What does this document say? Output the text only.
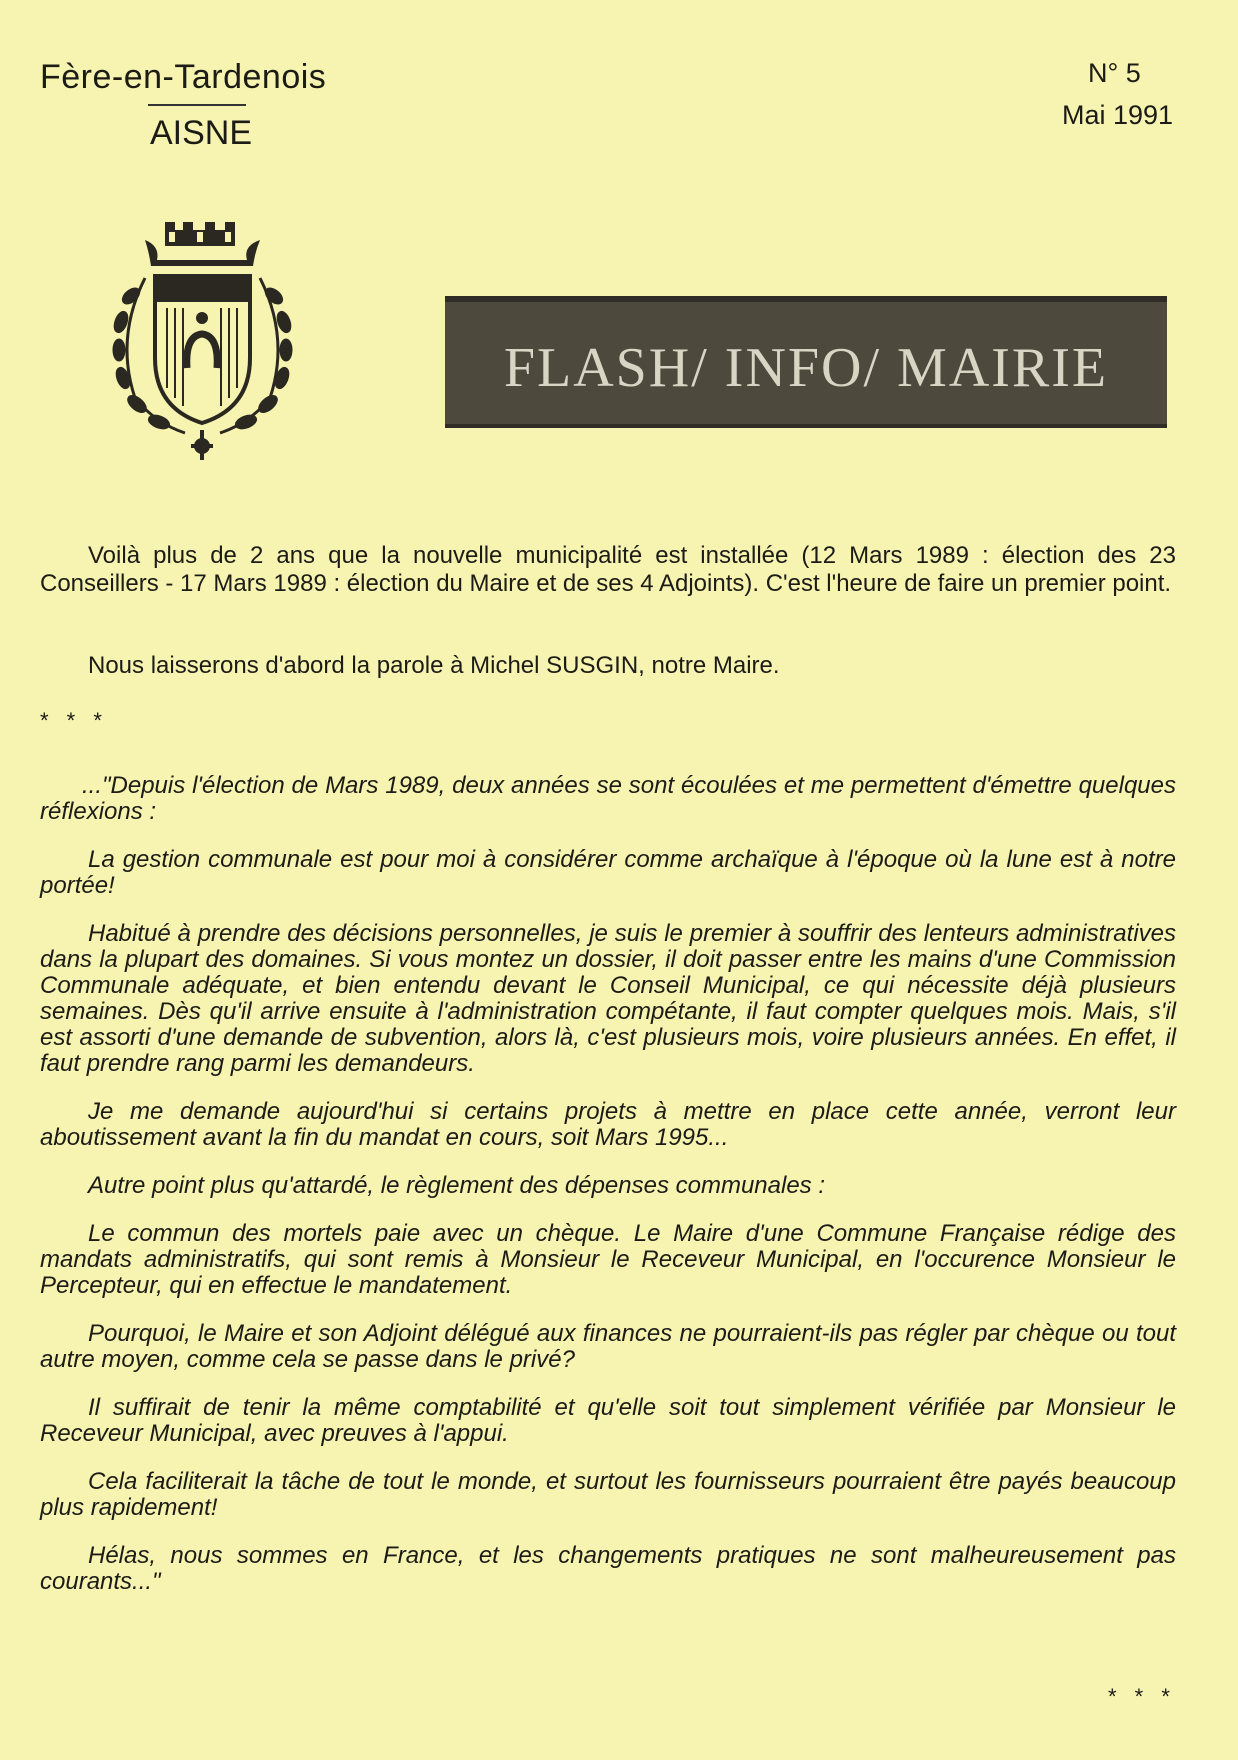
Fère-en-Tardenois
AISNE
N° 5
Mai 1991
FLASH/ INFO/ MAIRIE
Voilà plus de 2 ans que la nouvelle municipalité est installée (12 Mars 1989 : élection des 23 Conseillers - 17 Mars 1989 : élection du Maire et de ses 4 Adjoints). C'est l'heure de faire un premier point.
Nous laisserons d'abord la parole à Michel SUSGIN, notre Maire.
* * *

..."Depuis l'élection de Mars 1989, deux années se sont écoulées et me permettent d'émettre quelques réflexions :

La gestion communale est pour moi à considérer comme archaïque à l'époque où la lune est à notre portée!

Habitué à prendre des décisions personnelles, je suis le premier à souffrir des lenteurs administratives dans la plupart des domaines. Si vous montez un dossier, il doit passer entre les mains d'une Commission Communale adéquate, et bien entendu devant le Conseil Municipal, ce qui nécessite déjà plusieurs semaines. Dès qu'il arrive ensuite à l'administration compétante, il faut compter quelques mois. Mais, s'il est assorti d'une demande de subvention, alors là, c'est plusieurs mois, voire plusieurs années. En effet, il faut prendre rang parmi les demandeurs.

Je me demande aujourd'hui si certains projets à mettre en place cette année, verront leur aboutissement avant la fin du mandat en cours, soit Mars 1995...

Autre point plus qu'attardé, le règlement des dépenses communales :

Le commun des mortels paie avec un chèque. Le Maire d'une Commune Française rédige des mandats administratifs, qui sont remis à Monsieur le Receveur Municipal, en l'occurence Monsieur le Percepteur, qui en effectue le mandatement.

Pourquoi, le Maire et son Adjoint délégué aux finances ne pourraient-ils pas régler par chèque ou tout autre moyen, comme cela se passe dans le privé?

Il suffirait de tenir la même comptabilité et qu'elle soit tout simplement vérifiée par Monsieur le Receveur Municipal, avec preuves à l'appui.

Cela faciliterait la tâche de tout le monde, et surtout les fournisseurs pourraient être payés beaucoup plus rapidement!

Hélas, nous sommes en France, et les changements pratiques ne sont malheureusement pas courants..."

* * *
